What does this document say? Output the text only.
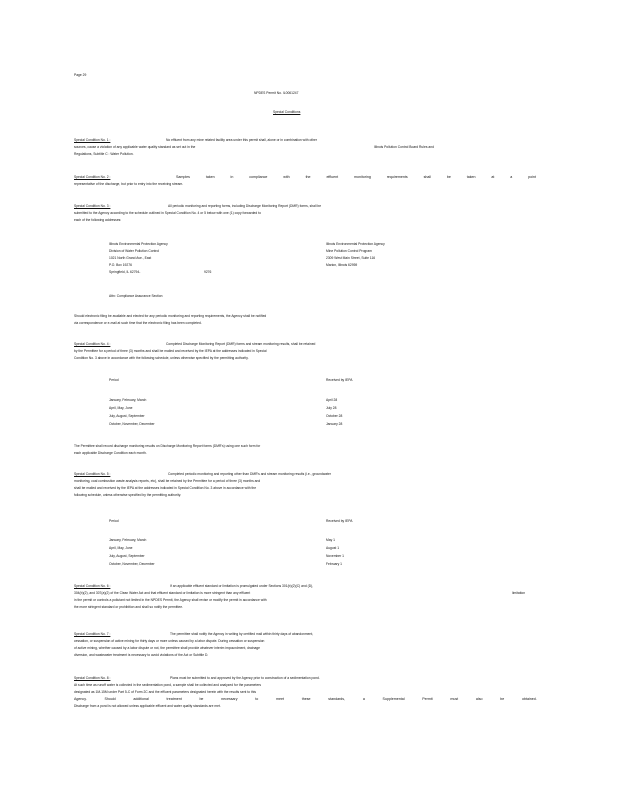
Page 29
NPDES Permit No. IL0061247
Special Conditions
Special Condition No. 1 :	No effluent from any mine related facility area under this permit shall, alone or in combination with other
sources, cause a violation of any applicable water quality standard as set out in the	Illinois Pollution Control Board Rules and
Regulations, Subtitle C : Water Pollution.
Special Condition No. 2 :	Samples	taken	in	compliance	with	the	effluent	monitoring	requirements	shall	be	taken	at	a	point
representative of the discharge, but prior to entry into the receiving stream.
Special Condition No. 3 :	All periodic monitoring and reporting forms, including Discharge Monitoring Report (DMR) forms, shall be
submitted to the Agency according to the schedule outlined in Special Condition No. 4 or 5 below with one (1) copy forwarded to
each of the following addresses:
Illinois Environmental Protection Agency
Division of Water Pollution Control
1021 North Grand Ave., East
P.O. Box 19276
Springfield, IL 62794-	9276
Illinois Environmental Protection Agency
Mine Pollution Control Program
2309 West Main Street, Suite 116
Marion, Illinois 62959
Attn: Compliance Assurance Section
Should electronic filing be available and elected for any periodic monitoring and reporting requirements, the Agency shall be notified
via correspondence or e-mail at such time that the electronic filing has been completed.
Special Condition No. 4 :	Completed Discharge Monitoring Report (DMR) forms and stream monitoring results, shall be retained
by the Permittee for a period of three (3) months and shall be mailed and received by the IEPA at the addresses indicated in Special
Condition No. 3 above in accordance with the following schedule, unless otherwise specified by the permitting authority.
Period	Received by IEPA
January, February, March	April 28
April, May, June	July 28
July, August, September	October 28
October, November, December	January 28
The Permittee shall record discharge monitoring results on Discharge Monitoring Report forms (DMR's) using one such form for
each applicable Discharge Condition each month.
Special Condition No. 5 :	Completed periodic monitoring and reporting other than DMR's and stream monitoring results (i.e., groundwater
monitoring, coal combustion waste analysis reports, etc), shall be retained by the Permittee for a period of three (3) months and
shall be mailed and received by the IEPA at the addresses indicated in Special Condition No. 3 above in accordance with the
following schedule, unless otherwise specified by the permitting authority.
Period	Received by IEPA
January, February, March	May 1
April, May, June	August 1
July, August, September	November 1
October, November, December	February 1
Special Condition No. 6 :	If an applicable effluent standard or limitation is promulgated under Sections 301(b)(2)(C) and (D),
304(b)(2), and 307(a)(2) of the Clean Water Act and that effluent standard or limitation is more stringent than any effluent	limitation
in the permit or controls a pollutant not limited in the NPDES Permit, the Agency shall revise or modify the permit in accordance with
the more stringent standard or prohibition and shall so notify the permittee.
Special Condition No. 7 :	The permittee shall notify the Agency in writing by certified mail within thirty days of abandonment,
cessation, or suspension of active mining for thirty days or more unless caused by a labor dispute. During cessation or suspension
of active mining, whether caused by a labor dispute or not, the permittee shall provide whatever interim impoundment, drainage
diversion, and wastewater treatment is necessary to avoid violations of the Act or Subtitle D.
Special Condition No. 8 :	Plans must be submitted to and approved by the Agency prior to construction of a sedimentation pond.
At such time as runoff water is collected in the sedimentation pond, a sample shall be collected and analyzed for the parameters
designated as 1M-15M under Part 5-C of Form 2C and the effluent parameters designated herein with the results sent to this
Agency.	Should	additional	treatment	be	necessary	to	meet	these	standards,	a	Supplemental	Permit	must	also	be	obtained.
Discharge from a pond is not allowed unless applicable effluent and water quality standards are met.
